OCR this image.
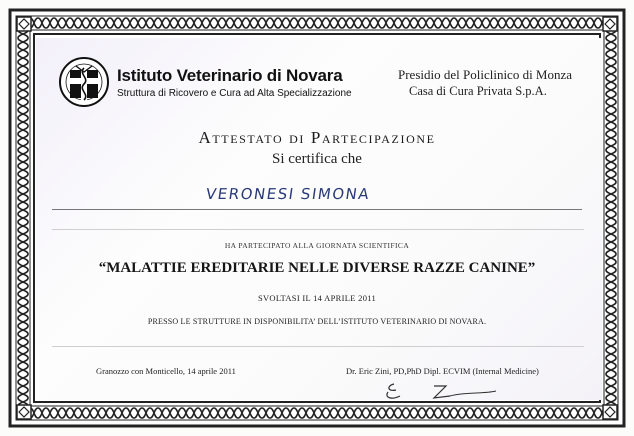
Istituto Veterinario di Novara
Struttura di Ricovero e Cura ad Alta Specializzazione
Presidio del Policlinico di Monza
Casa di Cura Privata S.p.A.
Attestato di Partecipazione
Si certifica che
VERONESI SIMONA
HA PARTECIPATO ALLA GIORNATA SCIENTIFICA
“MALATTIE EREDITARIE NELLE DIVERSE RAZZE CANINE”
SVOLTASI IL 14 APRILE 2011
PRESSO LE STRUTTURE IN DISPONIBILITA’ DELL’ISTITUTO VETERINARIO DI NOVARA.
Granozzo con Monticello, 14 aprile 2011	Dr. Eric Zini, PD,PhD Dipl. ECVIM (Internal Medicine)
